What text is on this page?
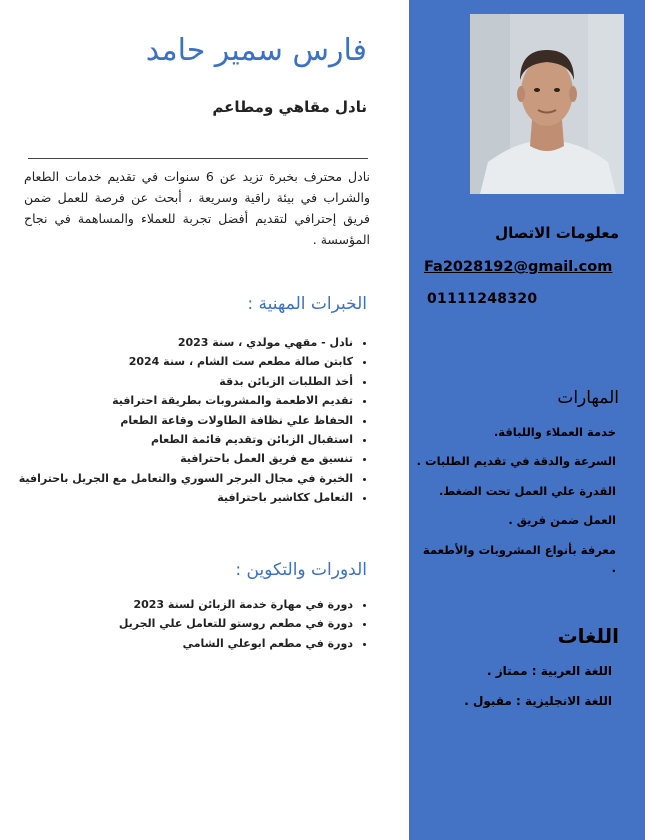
معلومات الاتصال
Fa2028192@gmail.com
01111248320
المهارات
خدمة العملاء واللباقة.
السرعة والدقة في تقديم الطلبات .
القدرة علي العمل تحت الضغط.
العمل ضمن فريق .
معرفة بأنواع المشروبات والأطعمة .
اللغات
اللغة العربية : ممتاز .
اللغة الانجليزية : مقبول .
فارس سمير حامد
نادل مقاهي ومطاعم

نادل محترف بخبرة تزيد عن 6 سنوات في تقديم خدمات الطعام والشراب في بيئة راقية وسريعة ، أبحث عن فرصة للعمل ضمن فريق إحترافي لتقديم أفضل تجربة للعملاء والمساهمة في نجاح المؤسسة .

الخبرات المهنية :
• نادل - مقهي مولدي ، سنة 2023
• كابتن صالة مطعم ست الشام ، سنة 2024
• أخذ الطلبات الزبائن بدقة
• تقديم الاطعمة والمشروبات بطريقة احترافية
• الحفاظ علي نظافة الطاولات وقاعة الطعام
• استقبال الزبائن وتقديم قائمة الطعام
• تنسيق مع فريق العمل باحترافية
• الخبرة في مجال البرجر السوري والتعامل مع الجريل باحترافية
• التعامل ككاشير باحترافية
الدورات والتكوين :
• دورة في مهارة خدمة الزبائن لسنة 2023
• دورة في مطعم روستو للتعامل علي الجريل
• دورة في مطعم ابوعلي الشامي
